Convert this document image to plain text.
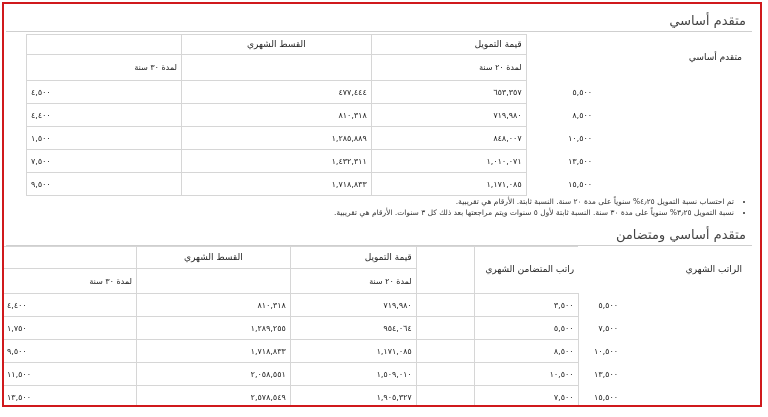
متقدم أساسي
متقدم أساسي		قيمة التمويل	القسط الشهري	
		لمدة ٢٠ سنة		لمدة ٣٠ سنة
	٥,٥٠٠	٦٥٣,٣٥٧	٤٧٧,٤٤٤	٤,٥٠٠
	٨,٥٠٠	٧١٩,٩٨٠	٨١٠,٣١٨	٤,٤٠٠
	١٠,٥٠٠	٨٤٨,٠٠٧	١,٢٨٥,٨٨٩	١,٥٠٠
	١٣,٥٠٠	١,٠١٠,٠٧١	١,٤٣٢,٣١١	٧,٥٠٠
	١٥,٥٠٠	١,١٧١,٠٨٥	١,٧١٨,٨٣٣	٩,٥٠٠
• تم احتساب نسبة التمويل ٤٫٢٥% سنوياً على مدة ٢٠ سنة. النسبة ثابتة. الأرقام هي تقريبية.
• نسبة التمويل ٣٫٢٥% سنوياً على مدة ٣٠ سنة. النسبة ثابتة لأول ٥ سنوات ويتم مراجعتها بعد ذلك كل ٣ سنوات. الأرقام هي تقريبية.
متقدم أساسي ومتضامن
الراتب الشهري		راتب المتضامن الشهري		قيمة التمويل	القسط الشهري	
				لمدة ٢٠ سنة		لمدة ٣٠ سنة
	٥,٥٠٠	٣,٥٠٠		٧١٩,٩٨٠	٨١٠,٣١٨	٤,٤٠٠
	٧,٥٠٠	٥,٥٠٠		٩٥٤,٠٦٤	١,٢٨٩,٢٥٥	١,٧٥٠
	١٠,٥٠٠	٨,٥٠٠		١,١٧١,٠٨٥	١,٧١٨,٨٣٣	٩,٥٠٠
	١٣,٥٠٠	١٠,٥٠٠		١,٥٠٩,٠١٠	٢,٠٥٨,٥٥١	١١,٥٠٠
	١٥,٥٠٠	٧,٥٠٠		١,٩٠٥,٣٢٧	٢,٥٧٨,٥٤٩	١٣,٥٠٠
